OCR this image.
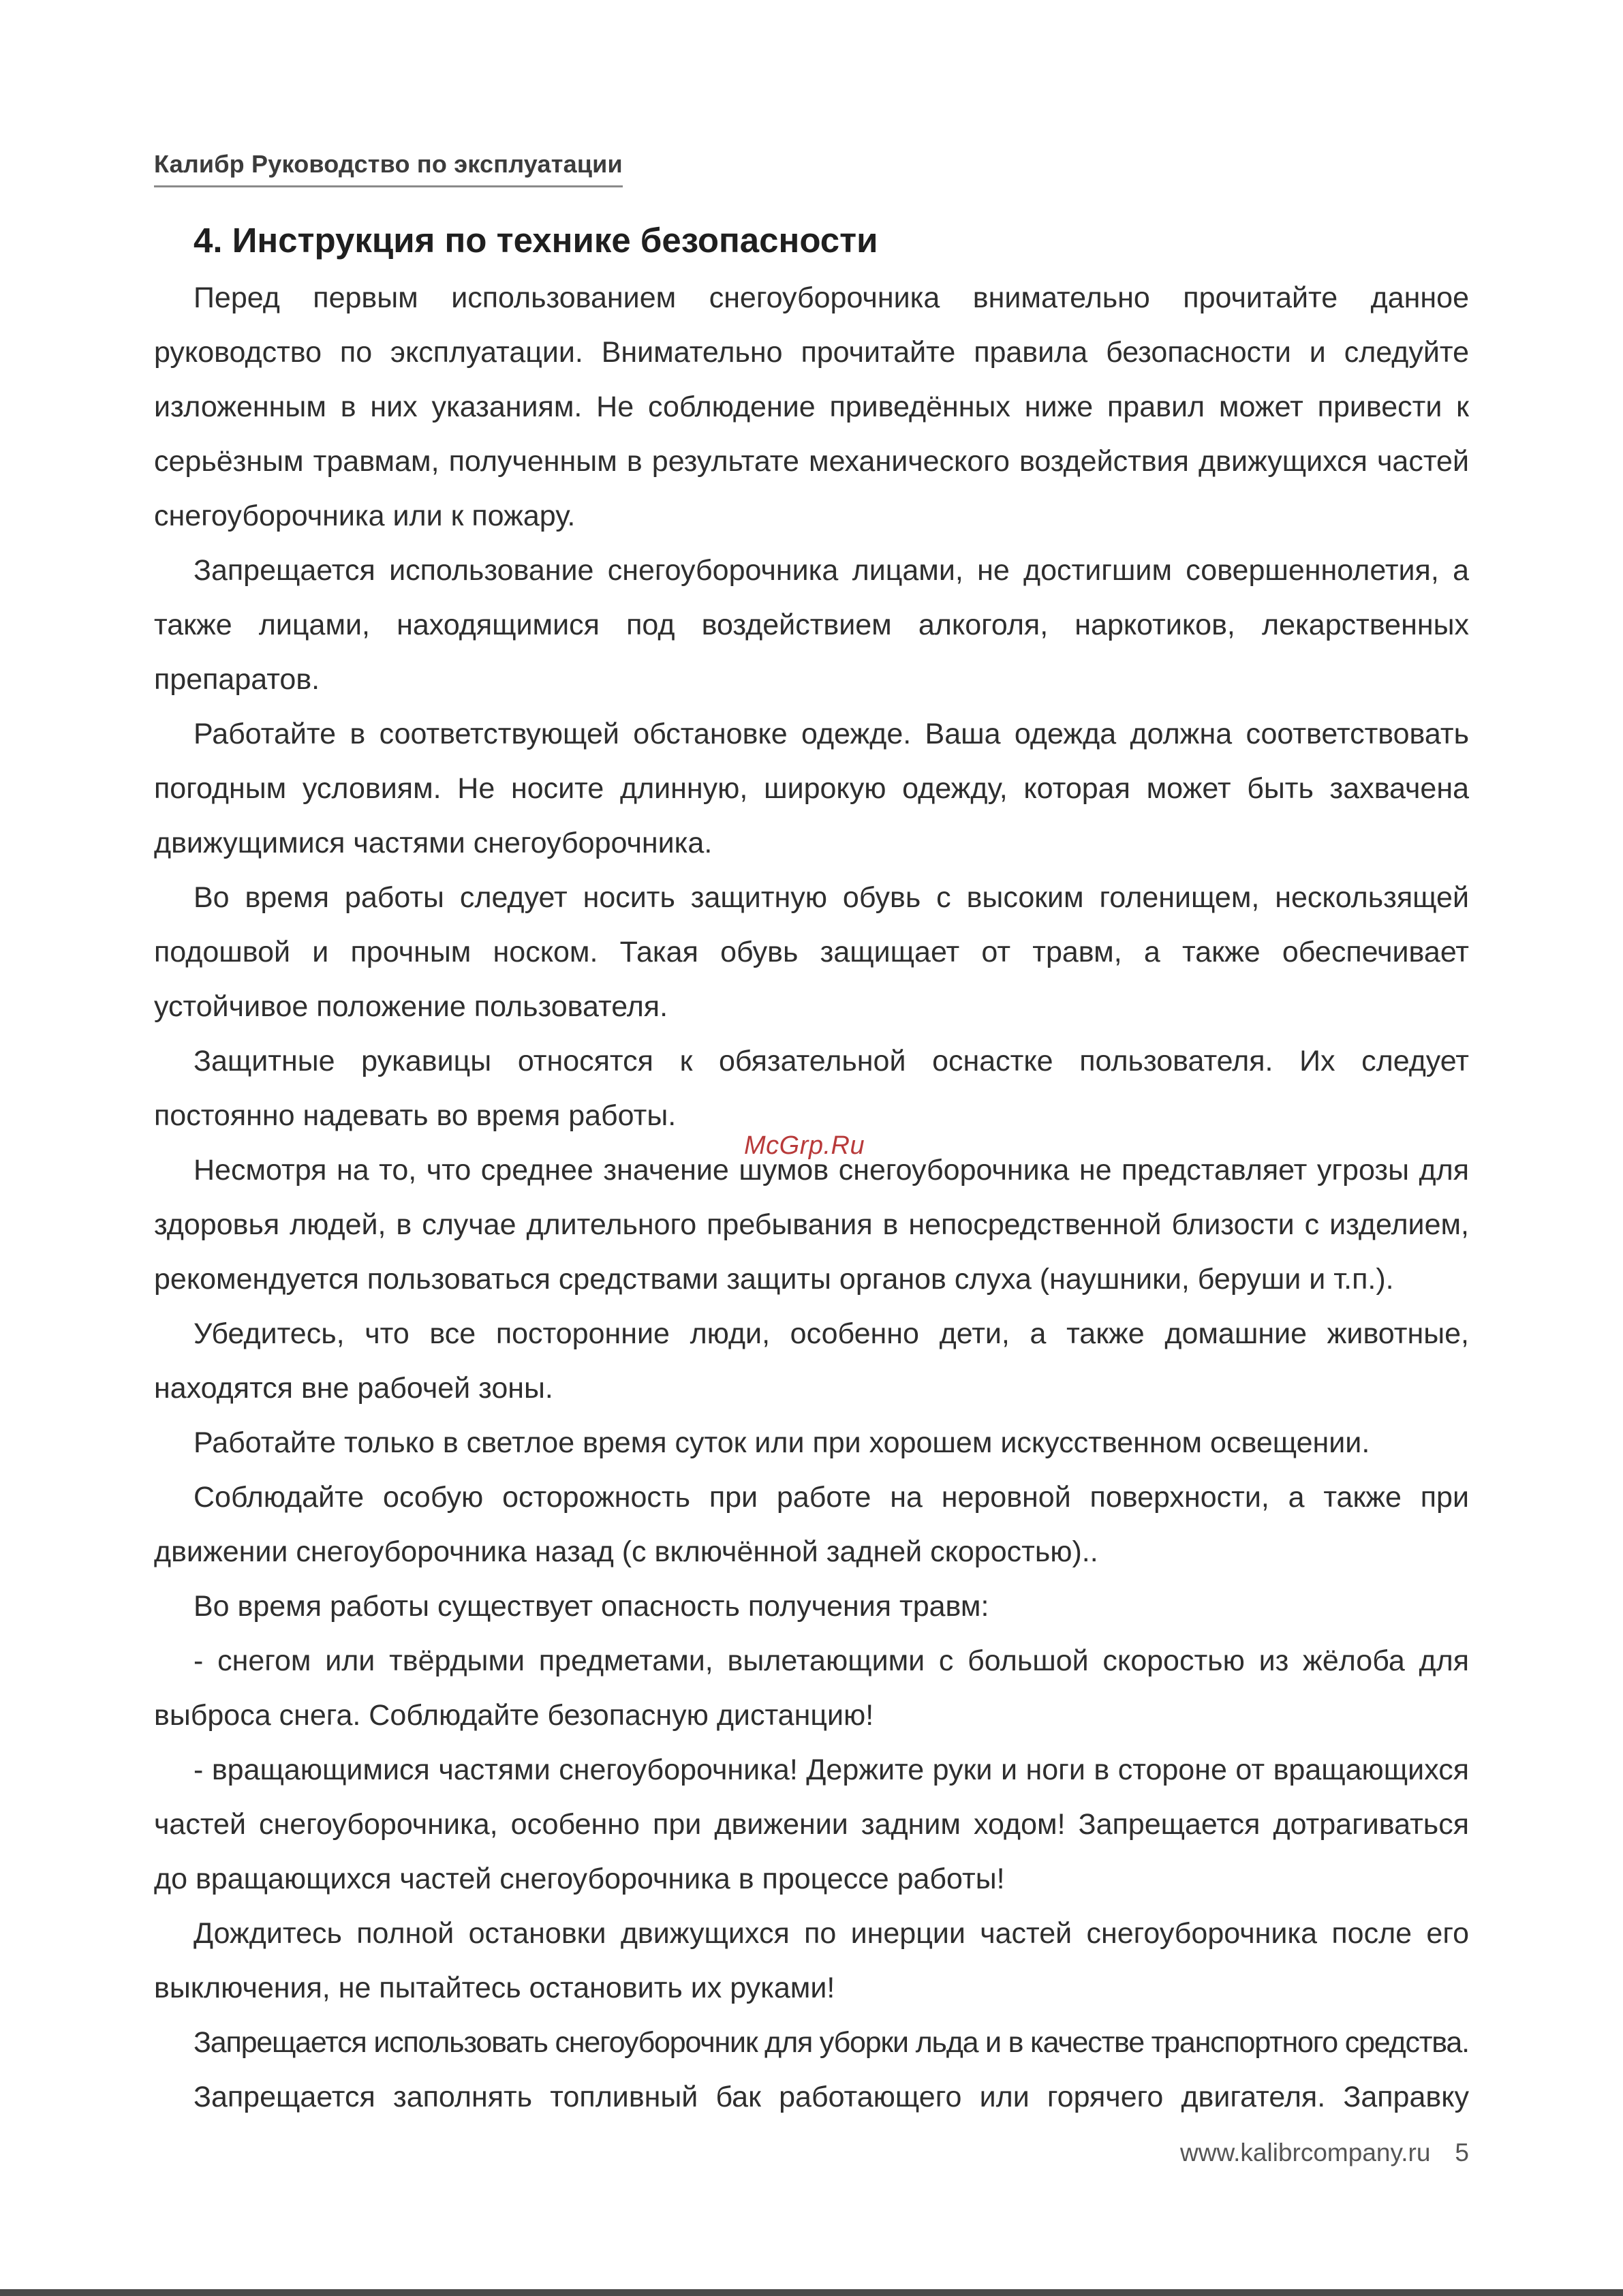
Калибр Руководство по эксплуатации
4. Инструкция по технике безопасности

Перед первым использованием снегоуборочника внимательно прочитайте данное руководство по эксплуатации. Внимательно прочитайте правила безопасности и следуйте изложенным в них указаниям. Не соблюдение приведённых ниже правил может привести к серьёзным травмам, полученным в результате механического воздействия движущихся частей снегоуборочника или к пожару.

Запрещается использование снегоуборочника лицами, не достигшим совершеннолетия, а также лицами, находящимися под воздействием алкоголя, наркотиков, лекарственных препаратов.

Работайте в соответствующей обстановке одежде. Ваша одежда должна соответствовать погодным условиям. Не носите длинную, широкую одежду, которая может быть захвачена движущимися частями снегоуборочника.

Во время работы следует носить защитную обувь с высоким голенищем, нескользящей подошвой и прочным носком. Такая обувь защищает от травм, а также обеспечивает устойчивое положение пользователя.

Защитные рукавицы относятся к обязательной оснастке пользователя. Их следует постоянно надевать во время работы.

Несмотря на то, что среднее значение шумов снегоуборочника не представляет угрозы для здоровья людей, в случае длительного пребывания в непосредственной близости с изделием, рекомендуется пользоваться средствами защиты органов слуха (наушники, беруши и т.п.).

Убедитесь, что все посторонние люди, особенно дети, а также домашние животные, находятся вне рабочей зоны.

Работайте только в светлое время суток или при хорошем искусственном освещении.

Соблюдайте особую осторожность при работе на неровной поверхности, а также при движении снегоуборочника назад (с включённой задней скоростью)..

Во время работы существует опасность получения травм:

- снегом или твёрдыми предметами, вылетающими с большой скоростью из жёлоба для выброса снега. Соблюдайте безопасную дистанцию!

- вращающимися частями снегоуборочника! Держите руки и ноги в стороне от вращающихся частей снегоуборочника, особенно при движении задним ходом! Запрещается дотрагиваться до вращающихся частей снегоуборочника в процессе работы!

Дождитесь полной остановки движущихся по инерции частей снегоуборочника после его выключения, не пытайтесь остановить их руками!

Запрещается использовать снегоуборочник для уборки льда и в качестве транспортного средства.

Запрещается заполнять топливный бак работающего или горячего двигателя. Заправку

McGrp.Ru
www.kalibrcompany.ru 5
